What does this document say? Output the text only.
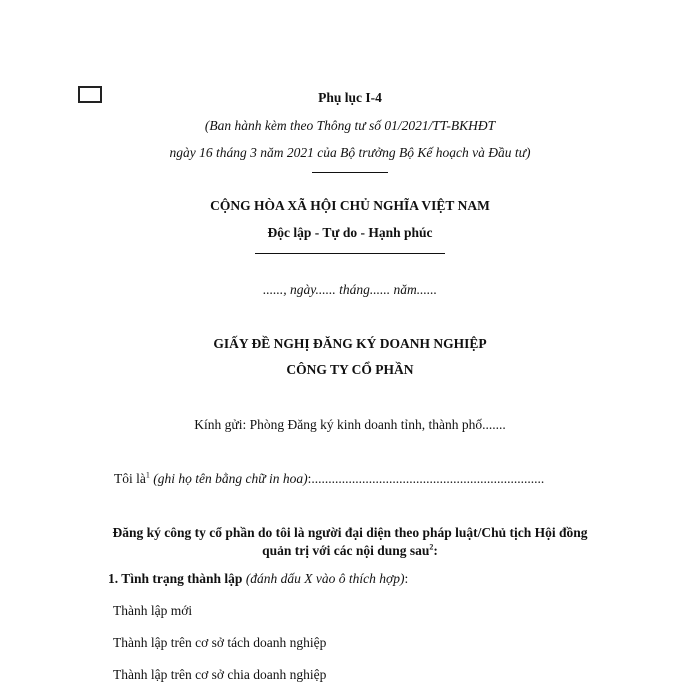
Phụ lục I-4
(Ban hành kèm theo Thông tư số 01/2021/TT-BKHĐT
ngày 16 tháng 3 năm 2021 của Bộ trưởng Bộ Kế hoạch và Đầu tư)
CỘNG HÒA XÃ HỘI CHỦ NGHĨA VIỆT NAM
Độc lập - Tự do - Hạnh phúc
......, ngày...... tháng...... năm......
GIẤY ĐỀ NGHỊ ĐĂNG KÝ DOANH NGHIỆP
CÔNG TY CỔ PHẦN
Kính gửi: Phòng Đăng ký kinh doanh tỉnh, thành phố.......
Tôi $là^1$ (ghi họ tên bằng chữ in hoa):.....................................................................
Đăng ký công ty cổ phần do tôi là người đại diện theo pháp luật/Chủ tịch Hội đồng
quản trị với các nội dung sau$^2$:
1. Tình trạng thành lập (đánh dấu X vào ô thích hợp):
Thành lập mới
Thành lập trên cơ sở tách doanh nghiệp
Thành lập trên cơ sở chia doanh nghiệp
